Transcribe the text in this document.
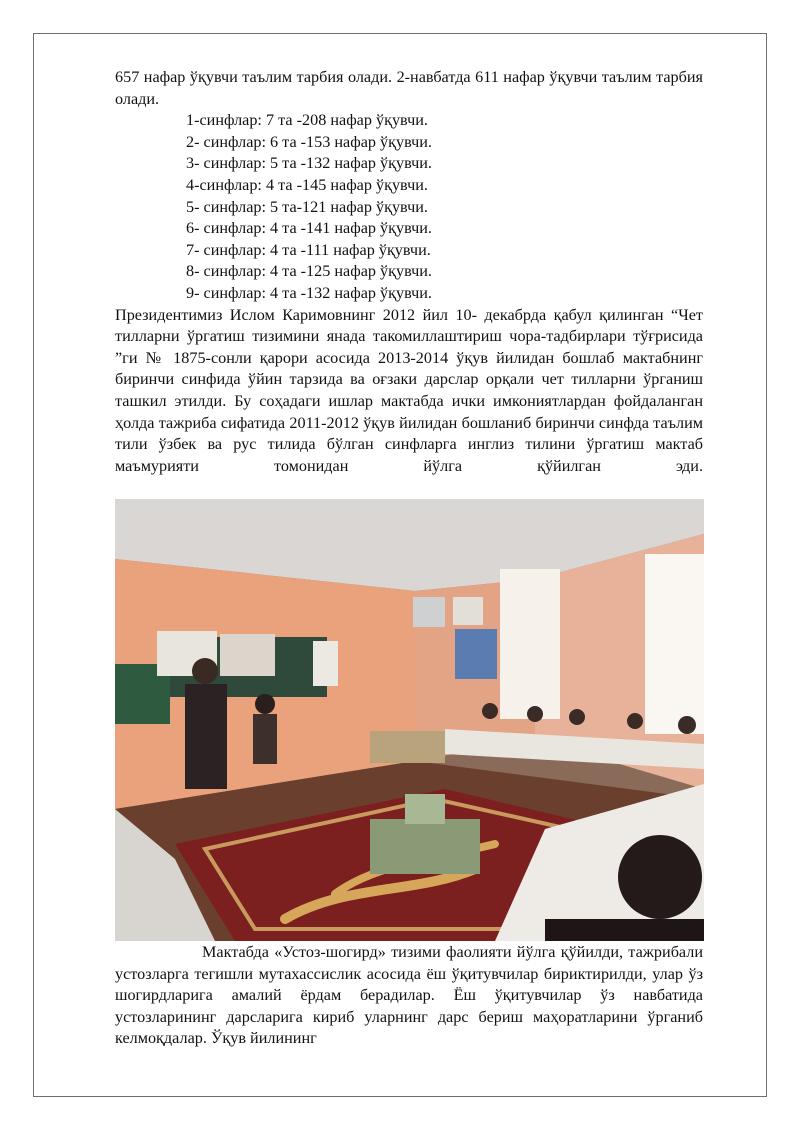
657 нафар ўқувчи таълим тарбия олади. 2-навбатда 611 нафар ўқувчи таълим тарбия олади.

1-синфлар: 7 та -208 нафар ўқувчи.
2- синфлар: 6 та -153 нафар ўқувчи.
3- синфлар: 5 та -132 нафар ўқувчи.
4-синфлар: 4 та -145 нафар ўқувчи.
5- синфлар: 5 та-121 нафар ўқувчи.
6- синфлар: 4 та -141 нафар ўқувчи.
7- синфлар: 4 та -111 нафар ўқувчи.
8- синфлар: 4 та -125 нафар ўқувчи.
9- синфлар: 4 та -132 нафар ўқувчи.

Президентимиз Ислом Каримовнинг 2012 йил 10- декабрда қабул қилинган “Чет тилларни ўргатиш тизимини янада такомиллаштириш чора-тадбирлари тўғрисида ”ги № 1875-сонли қарори асосида 2013-2014 ўқув йилидан бошлаб мактабнинг биринчи синфида ўйин тарзида ва оғзаки дарслар орқали чет тилларни ўрганиш ташкил этилди. Бу соҳадаги ишлар мактабда ички имкониятлардан фойдаланган ҳолда тажриба сифатида 2011-2012 ўқув йилидан бошланиб биринчи синфда таълим тили ўзбек ва рус тилида бўлган синфларга инглиз тилини ўргатиш мактаб маъмурияти томонидан йўлга қўйилган эди.

Мактабда «Устоз-шогирд» тизими фаолияти йўлга қўйилди, тажрибали устозларга тегишли мутахассислик асосида ёш ўқитувчилар бириктирилди, улар ўз шогирдларига амалий ёрдам берадилар. Ёш ўқитувчилар ўз навбатида устозларининг дарсларига кириб уларнинг дарс бериш маҳоратларини ўрганиб келмоқдалар. Ўқув йилининг
